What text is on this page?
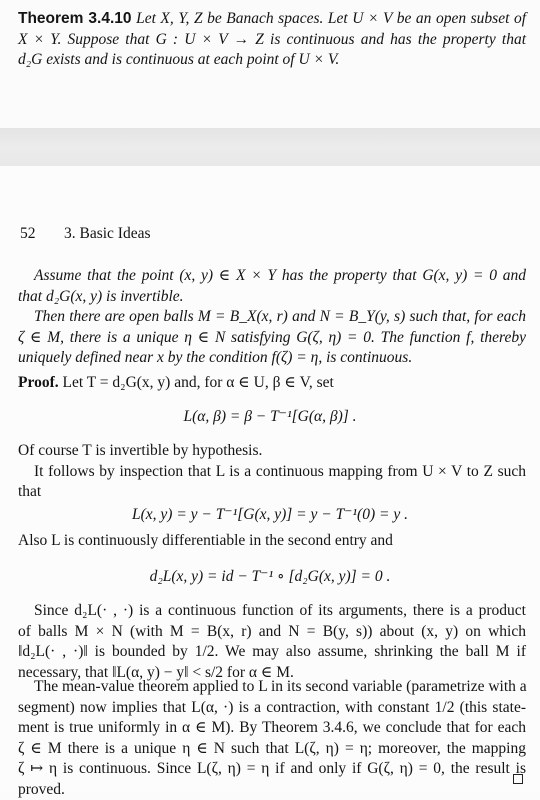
Theorem 3.4.10 Let X, Y, Z be Banach spaces. Let U × V be an open subset of
X × Y. Suppose that G : U × V → Z is continuous and has the property that
d₂G exists and is continuous at each point of U × V.
52 3. Basic Ideas
Assume that the point (x, y) ∈ X × Y has the property that G(x, y) = 0 and
that d₂G(x, y) is invertible.
Then there are open balls M = B_X(x, r) and N = B_Y(y, s) such that, for each
ζ ∈ M, there is a unique η ∈ N satisfying G(ζ, η) = 0. The function f, thereby
uniquely defined near x by the condition f(ζ) = η, is continuous.
Proof. Let T = d₂G(x, y) and, for α ∈ U, β ∈ V, set
L(α, β) = β − T⁻¹[G(α, β)] .
Of course T is invertible by hypothesis.
It follows by inspection that L is a continuous mapping from U × V to Z such
that
L(x, y) = y − T⁻¹[G(x, y)] = y − T⁻¹(0) = y .
Also L is continuously differentiable in the second entry and
d₂L(x, y) = id − T⁻¹ ∘ [d₂G(x, y)] = 0 .
Since d₂L(· , ·) is a continuous function of its arguments, there is a product
of balls M × N (with M = B(x, r) and N = B(y, s)) about (x, y) on which
‖d₂L(· , ·)‖ is bounded by 1/2. We may also assume, shrinking the ball M if
necessary, that ‖L(α, y) − y‖ < s/2 for α ∈ M.
The mean-value theorem applied to L in its second variable (parametrize with a
segment) now implies that L(α, ·) is a contraction, with constant 1/2 (this state-
ment is true uniformly in α ∈ M). By Theorem 3.4.6, we conclude that for each
ζ ∈ M there is a unique η ∈ N such that L(ζ, η) = η; moreover, the mapping
ζ ↦ η is continuous. Since L(ζ, η) = η if and only if G(ζ, η) = 0, the result is
proved.
